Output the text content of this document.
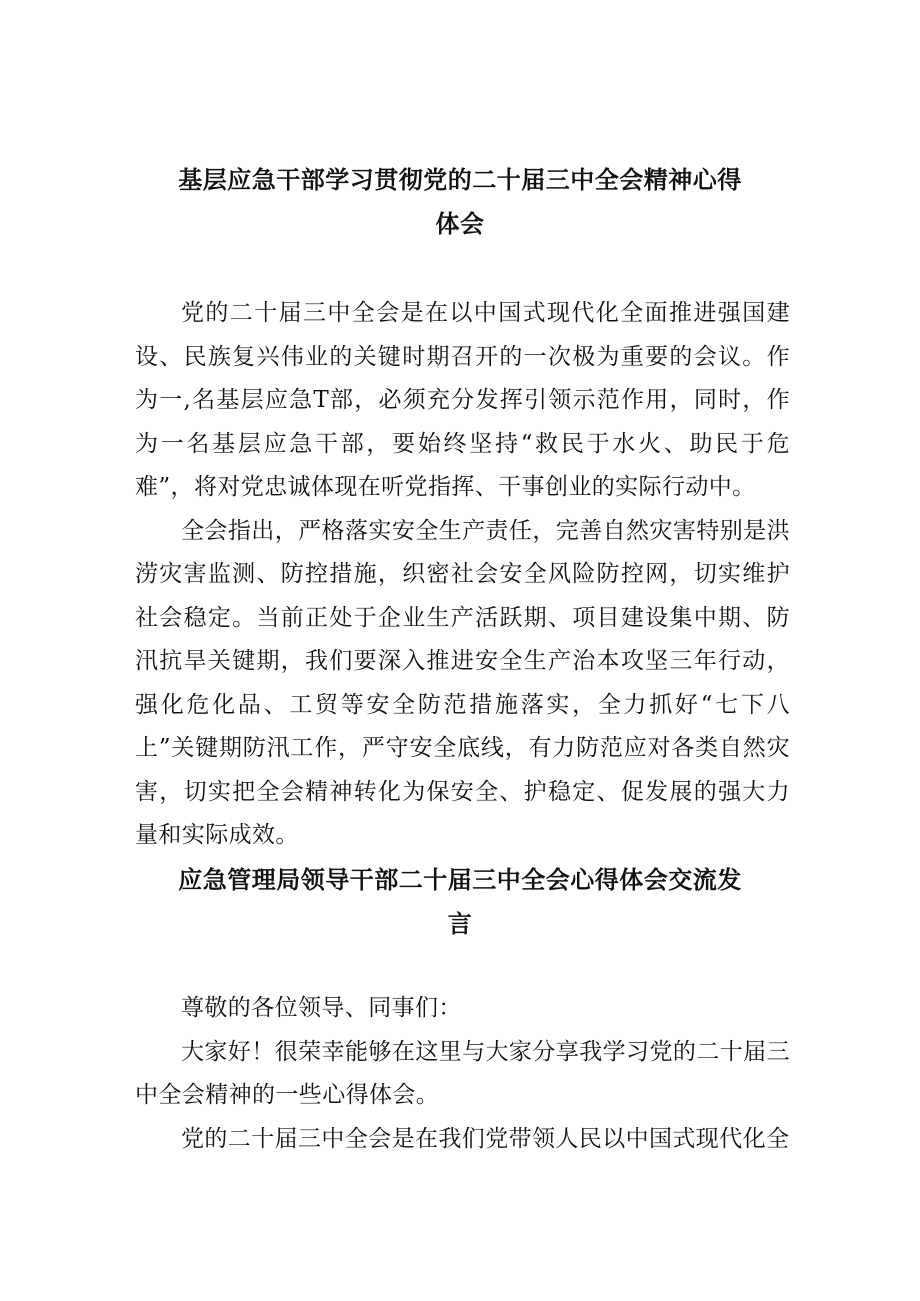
基层应急干部学习贯彻党的二十届三中全会精神心得
体会

党的二十届三中全会是在以中国式现代化全面推进强国建设、民族复兴伟业的关键时期召开的一次极为重要的会议。作为一,名基层应急T部，必须充分发挥引领示范作用，同时，作为一名基层应急干部，要始终坚持“救民于水火、助民于危难”，将对党忠诚体现在听党指挥、干事创业的实际行动中。

全会指出，严格落实安全生产责任，完善自然灾害特别是洪涝灾害监测、防控措施，织密社会安全风险防控网，切实维护社会稳定。当前正处于企业生产活跃期、项目建设集中期、防汛抗旱关键期，我们要深入推进安全生产治本攻坚三年行动，强化危化品、工贸等安全防范措施落实，全力抓好“七下八上”关键期防汛工作，严守安全底线，有力防范应对各类自然灾害，切实把全会精神转化为保安全、护稳定、促发展的强大力量和实际成效。

应急管理局领导干部二十届三中全会心得体会交流发
言

尊敬的各位领导、同事们：

大家好！很荣幸能够在这里与大家分享我学习党的二十届三中全会精神的一些心得体会。

党的二十届三中全会是在我们党带领人民以中国式现代化全
